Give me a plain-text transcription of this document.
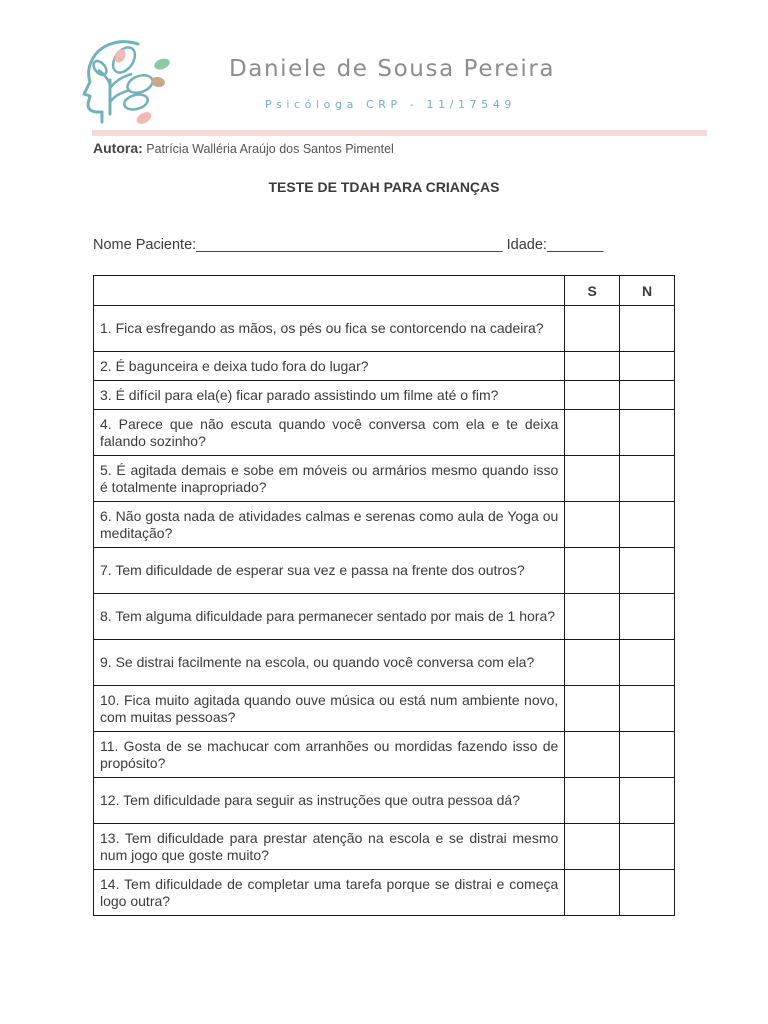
Daniele de Sousa Pereira
Psicóloga CRP - 11/17549
Autora: Patrícia Walléria Araújo dos Santos Pimentel
TESTE DE TDAH PARA CRIANÇAS
Nome Paciente:______________________________________ Idade:_______
	S	N
1. Fica esfregando as mãos, os pés ou fica se contorcendo na cadeira?		
2. É bagunceira e deixa tudo fora do lugar?		
3. É difícil para ela(e) ficar parado assistindo um filme até o fim?		
4. Parece que não escuta quando você conversa com ela e te deixa falando sozinho?		
5. É agitada demais e sobe em móveis ou armários mesmo quando isso é totalmente inapropriado?		
6. Não gosta nada de atividades calmas e serenas como aula de Yoga ou meditação?		
7. Tem dificuldade de esperar sua vez e passa na frente dos outros?		
8. Tem alguma dificuldade para permanecer sentado por mais de 1 hora?		
9. Se distrai facilmente na escola, ou quando você conversa com ela?		
10. Fica muito agitada quando ouve música ou está num ambiente novo, com muitas pessoas?		
11. Gosta de se machucar com arranhões ou mordidas fazendo isso de propósito?		
12. Tem dificuldade para seguir as instruções que outra pessoa dá?		
13. Tem dificuldade para prestar atenção na escola e se distrai mesmo num jogo que goste muito?		
14. Tem dificuldade de completar uma tarefa porque se distrai e começa logo outra?		
